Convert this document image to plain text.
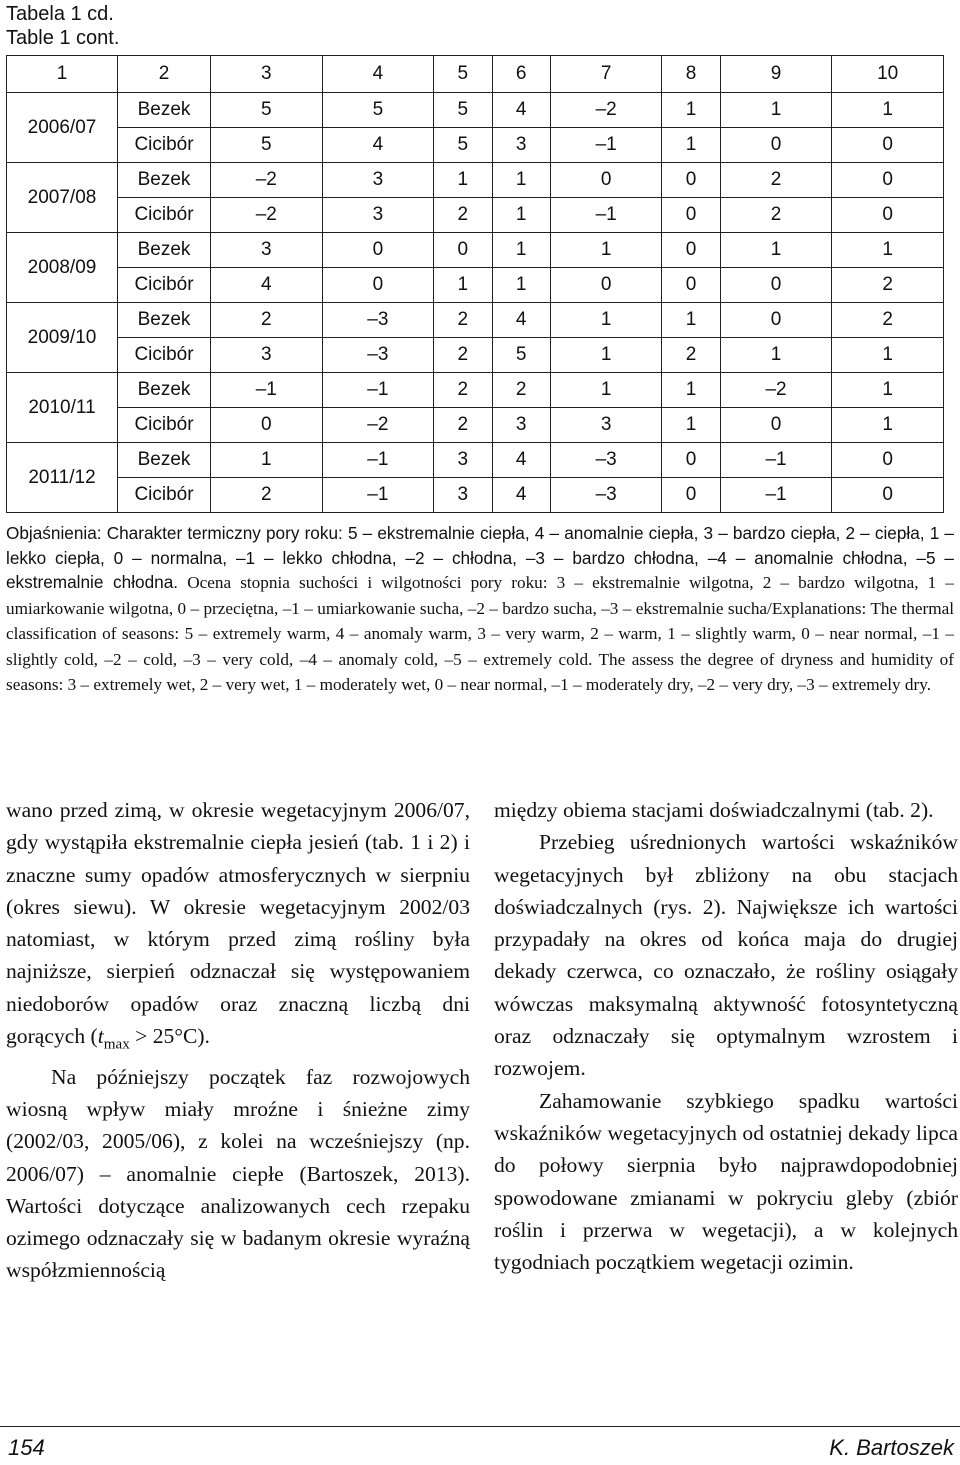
Tabela 1 cd.
Table 1 cont.
1	2	3	4	5	6	7	8	9	10
2006/07	Bezek	5	5	5	4	–2	1	1	1
	Cicibór	5	4	5	3	–1	1	0	0
2007/08	Bezek	–2	3	1	1	0	0	2	0
	Cicibór	–2	3	2	1	–1	0	2	0
2008/09	Bezek	3	0	0	1	1	0	1	1
	Cicibór	4	0	1	1	0	0	0	2
2009/10	Bezek	2	–3	2	4	1	1	0	2
	Cicibór	3	–3	2	5	1	2	1	1
2010/11	Bezek	–1	–1	2	2	1	1	–2	1
	Cicibór	0	–2	2	3	3	1	0	1
2011/12	Bezek	1	–1	3	4	–3	0	–1	0
	Cicibór	2	–1	3	4	–3	0	–1	0
Objaśnienia: Charakter termiczny pory roku: 5 – ekstremalnie ciepła, 4 – anomalnie ciepła, 3 – bardzo ciepła, 2 – ciepła, 1 – lekko ciepła, 0 – normalna, –1 – lekko chłodna, –2 – chłodna, –3 – bardzo chłodna, –4 – anomalnie chłodna, –5 – ekstremalnie chłodna. Ocena stopnia suchości i wilgotności pory roku: 3 – ekstremalnie wilgotna, 2 – bardzo wilgotna, 1 – umiarkowanie wilgotna, 0 – przeciętna, –1 – umiarkowanie sucha, –2 – bardzo sucha, –3 – ekstremalnie sucha/Explanations: The thermal classification of seasons: 5 – extremely warm, 4 – anomaly warm, 3 – very warm, 2 – warm, 1 – slightly warm, 0 – near normal, –1 – slightly cold, –2 – cold, –3 – very cold, –4 – anomaly cold, –5 – extremely cold. The assess the degree of dryness and humidity of seasons: 3 – extremely wet, 2 – very wet, 1 – moderately wet, 0 – near normal, –1 – moderately dry, –2 – very dry, –3 – extremely dry.

wano przed zimą, w okresie wegetacyjnym 2006/07, gdy wystąpiła ekstremalnie ciepła jesień (tab. 1 i 2) i znaczne sumy opadów atmosferycznych w sierpniu (okres siewu). W okresie wegetacyjnym 2002/03 natomiast, w którym przed zimą rośliny była najniższe, sierpień odznaczał się występowaniem niedoborów opadów oraz znaczną liczbą dni gorących $(t_{max} > 25^\circ C)$.

Na późniejszy początek faz rozwojowych wiosną wpływ miały mroźne i śnieżne zimy (2002/03, 2005/06), z kolei na wcześniejszy (np. 2006/07) – anomalnie ciepłe (Bartoszek, 2013). Wartości dotyczące analizowanych cech rzepaku ozimego odznaczały się w badanym okresie wyraźną współzmiennością

między obiema stacjami doświadczalnymi (tab. 2).

Przebieg uśrednionych wartości wskaźników wegetacyjnych był zbliżony na obu stacjach doświadczalnych (rys. 2). Największe ich wartości przypadały na okres od końca maja do drugiej dekady czerwca, co oznaczało, że rośliny osiągały wówczas maksymalną aktywność fotosyntetyczną oraz odznaczały się optymalnym wzrostem i rozwojem.

Zahamowanie szybkiego spadku wartości wskaźników wegetacyjnych od ostatniej dekady lipca do połowy sierpnia było najprawdopodobniej spowodowane zmianami w pokryciu gleby (zbiór roślin i przerwa w wegetacji), a w kolejnych tygodniach początkiem wegetacji ozimin.

154	K. Bartoszek
